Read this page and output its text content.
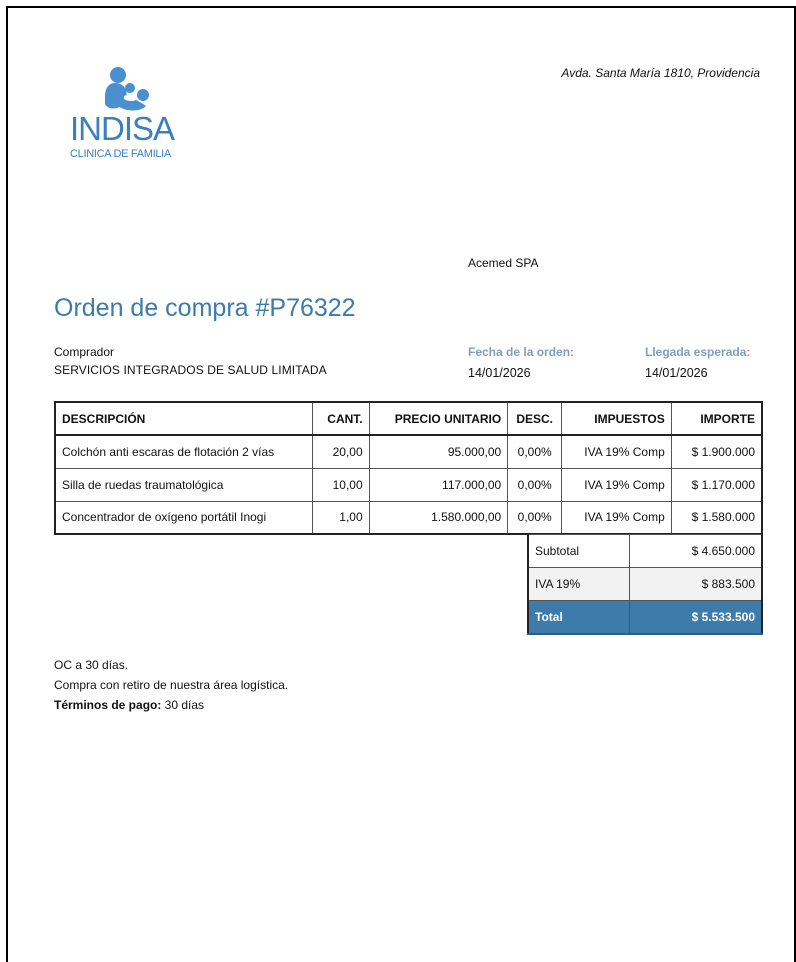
INDISA
CLINICA DE FAMILIA
Avda. Santa María 1810, Providencia
Acemed SPA
Orden de compra #P76322
Comprador
SERVICIOS INTEGRADOS DE SALUD LIMITADA
Fecha de la orden:
14/01/2026
Llegada esperada:
14/01/2026
DESCRIPCIÓN	CANT.	PRECIO UNITARIO	DESC.	IMPUESTOS	IMPORTE
Colchón anti escaras de flotación 2 vías	20,00	95.000,00	0,00%	IVA 19% Comp	$ 1.900.000
Silla de ruedas traumatológica	10,00	117.000,00	0,00%	IVA 19% Comp	$ 1.170.000
Concentrador de oxígeno portátil Inogi	1,00	1.580.000,00	0,00%	IVA 19% Comp	$ 1.580.000
Subtotal	$ 4.650.000
IVA 19%	$ 883.500
Total	$ 5.533.500
OC a 30 días.
Compra con retiro de nuestra área logística.
Términos de pago: 30 días
